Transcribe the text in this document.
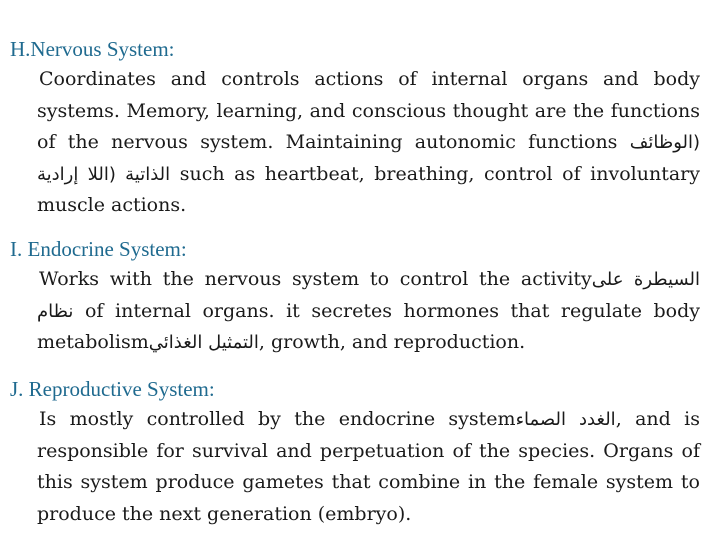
H.Nervous System:
Coordinates and controls actions of internal organs and body systems. Memory, learning, and conscious thought are the functions of the nervous system. Maintaining autonomic functions (الوظائف الذاتية (اللا إرادية such as heartbeat, breathing, control of involuntary muscle actions.
I. Endocrine System:
Works with the nervous system to control the activityالسيطرة على نظام of internal organs. it secretes hormones that regulate body metabolismالتمثيل الغذائي, growth, and reproduction.
J. Reproductive System:
Is mostly controlled by the endocrine systemالغدد الصماء, and is responsible for survival and perpetuation of the species. Organs of this system produce gametes that combine in the female system to produce the next generation (embryo).
